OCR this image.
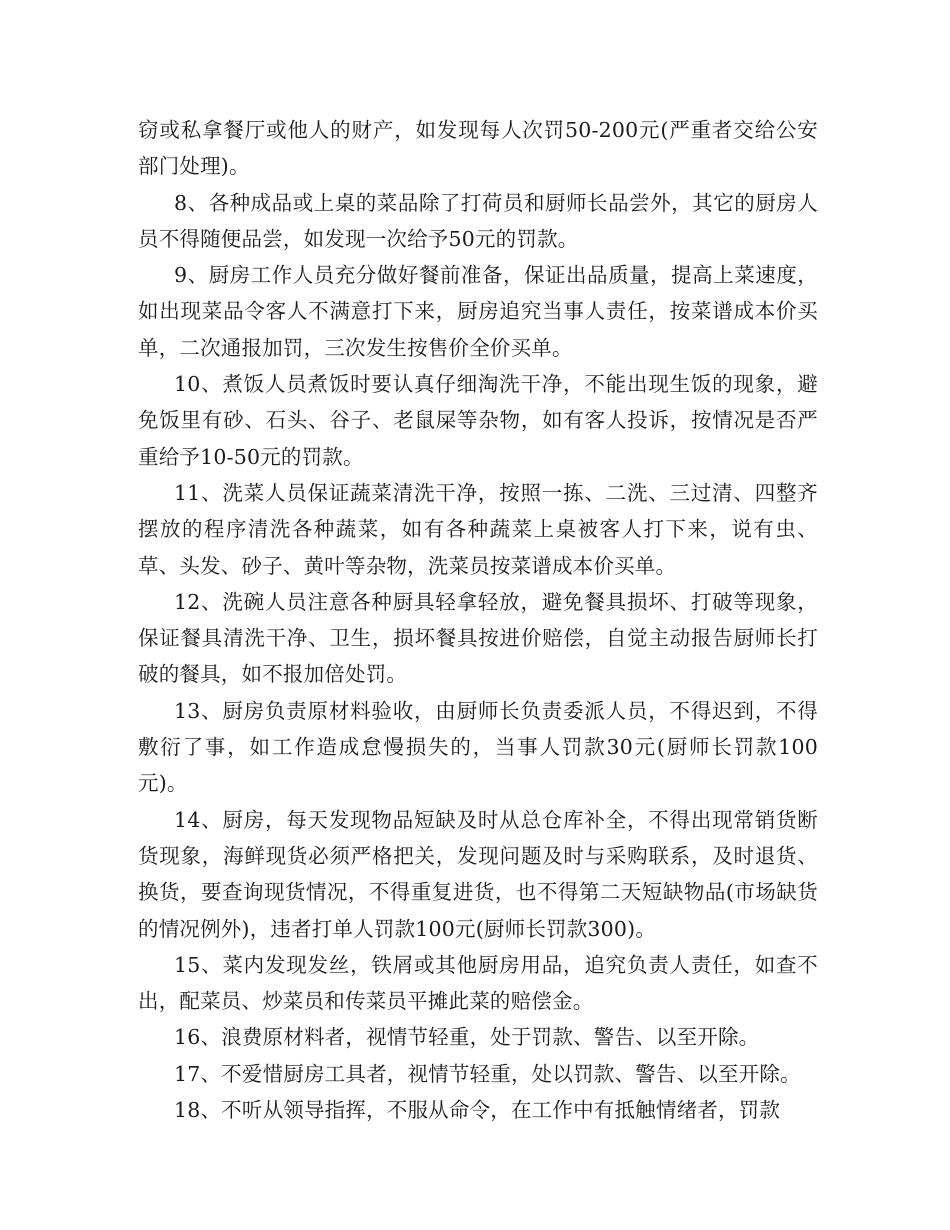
窃或私拿餐厅或他人的财产，如发现每人次罚50-200元(严重者交给公安部门处理)。

8、各种成品或上桌的菜品除了打荷员和厨师长品尝外，其它的厨房人员不得随便品尝，如发现一次给予50元的罚款。

9、厨房工作人员充分做好餐前准备，保证出品质量，提高上菜速度，如出现菜品令客人不满意打下来，厨房追究当事人责任，按菜谱成本价买单，二次通报加罚，三次发生按售价全价买单。

10、煮饭人员煮饭时要认真仔细淘洗干净，不能出现生饭的现象，避免饭里有砂、石头、谷子、老鼠屎等杂物，如有客人投诉，按情况是否严重给予10-50元的罚款。

11、洗菜人员保证蔬菜清洗干净，按照一拣、二洗、三过清、四整齐摆放的程序清洗各种蔬菜，如有各种蔬菜上桌被客人打下来，说有虫、草、头发、砂子、黄叶等杂物，洗菜员按菜谱成本价买单。

12、洗碗人员注意各种厨具轻拿轻放，避免餐具损坏、打破等现象，保证餐具清洗干净、卫生，损坏餐具按进价赔偿，自觉主动报告厨师长打破的餐具，如不报加倍处罚。

13、厨房负责原材料验收，由厨师长负责委派人员，不得迟到，不得敷衍了事，如工作造成怠慢损失的，当事人罚款30元(厨师长罚款100元)。

14、厨房，每天发现物品短缺及时从总仓库补全，不得出现常销货断货现象，海鲜现货必须严格把关，发现问题及时与采购联系，及时退货、换货，要查询现货情况，不得重复进货，也不得第二天短缺物品(市场缺货的情况例外)，违者打单人罚款100元(厨师长罚款300)。

15、菜内发现发丝，铁屑或其他厨房用品，追究负责人责任，如查不出，配菜员、炒菜员和传菜员平摊此菜的赔偿金。

16、浪费原材料者，视情节轻重，处于罚款、警告、以至开除。

17、不爱惜厨房工具者，视情节轻重，处以罚款、警告、以至开除。

18、不听从领导指挥，不服从命令，在工作中有抵触情绪者，罚款
